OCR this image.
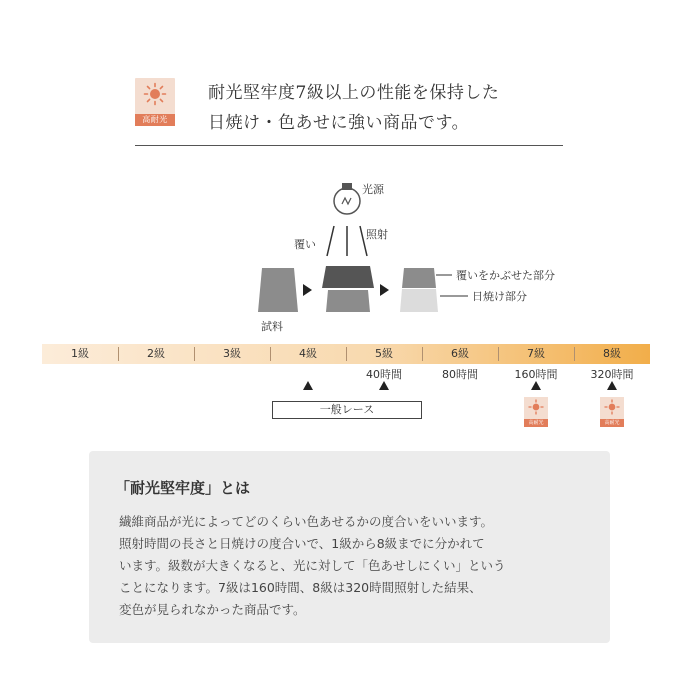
高耐光
耐光堅牢度7級以上の性能を保持した
日焼け・色あせに強い商品です。
光源
覆い
照射
試料
覆いをかぶせた部分
日焼け部分
1級	2級	3級	4級	5級	6級	7級	8級
40時間	80時間	160時間	320時間
一般レース
高耐光	高耐光
「耐光堅牢度」とは
繊維商品が光によってどのくらい色あせるかの度合いをいいます。
照射時間の長さと日焼けの度合いで、1級から8級までに分かれて
います。級数が大きくなると、光に対して「色あせしにくい」という
ことになります。7級は160時間、8級は320時間照射した結果、
変色が見られなかった商品です。
